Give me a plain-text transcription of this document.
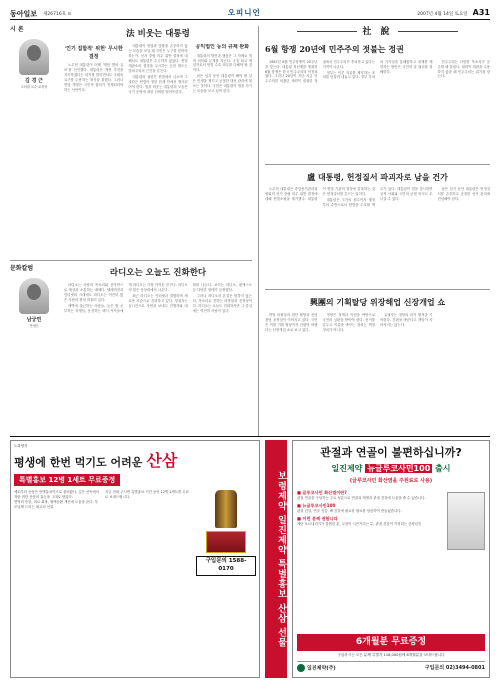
동아일보 제26716호 ⊙	오피니언	2007년 4월 14일 토요일 A31
시 론
김 경 근
고려대 교수·교육학
法 비웃는 대통령
'인기 집합적' 위헌' 무시한 결정

노무현 대통령이 어제 '개헌 발의 유보'를 선언했다. 대통령은 개헌 추진을 지속하겠다는 의지를 밝히면서도 국회의 요구를 수용하는 형식을 취했다. 그러나 헌법 개정은 국민적 합의가 전제되어야 하는 사안이다.

대통령이 헌법과 법률을 존중하지 않는 모습을 보일 때 국민은 누구를 믿어야 하는가. 선거 중립 의무 위반 결정에 대해서도 대통령은 수긍하지 않았다. 헌법재판소의 결정을 무시하는 듯한 태도는 법치주의의 근간을 흔든다.

대통령의 권한은 헌법에서 나오며 그 권한은 헌법이 정한 한계 안에서 행사되어야 한다. 법을 비웃는 대통령의 모습은 국가 운영에 대한 신뢰를 떨어뜨린다.

공익법인 등의 규제 완화

대통령의 발언과 행동은 그 자체로 법적 의미와 무게를 지닌다. 국정 최고 책임자로서 헌법 수호 의무를 다해야 할 것이다.

남은 임기 동안 대통령이 해야 할 일은 민생을 챙기고 공정한 대선 관리에 힘쓰는 것이다. 국민은 대통령이 법을 지키는 모습을 보고 싶어 한다.

문화칼럼
남궁연
연예인
라디오는 오늘도 진화한다

라디오는 사람의 목소리와 음악만으로 세상과 소통하는 매체다. 텔레비전과 인터넷의 시대에도 라디오는 여전히 많은 사람의 곁에 머물러 있다.

새벽에 출근하는 사람들, 늦은 밤 공부하는 학생들, 운전하는 택시 기사들에게 라디오는 가장 가까운 친구다. 라디오의 힘은 상상력에서 나온다.

최근 라디오는 인터넷과 결합하며 새로운 모습으로 진화하고 있다. 청취자는 실시간으로 사연을 보내고 진행자와 대화를 나눈다. 보이는 라디오, 팟캐스트 등 다양한 형태가 등장했다.

그러나 라디오의 본질은 변하지 않는다. 목소리로 전하는 따뜻함과 진정성이다. 라디오는 오늘도 진화하지만 그 중심에는 여전히 사람이 있다.

社 說
6월 항쟁 20년에 민주주의 젓불는 정권

1987년 6월 민주항쟁이 20주년을 맞는다. 대통령 직선제를 쟁취한 6월 항쟁은 한국 민주주의의 이정표였다. 그러나 20년이 지난 지금 민주주의를 외쳤던 세력이 집권한 정권에서 민주주의가 후퇴하고 있다는 지적이 나온다.

정부는 언론 자유를 제약하는 조치를 잇달아 내놓고 있다. 정부 부처의 기자실을 통폐합하고 취재를 제한하는 방안은 국민의 알 권리를 침해한다.

민주주의는 다양한 목소리가 공존할 때 꽃핀다. 권력이 비판을 수용하지 않을 때 민주주의는 위기를 맞는다.

盧 대통령, 헌정질서 파괴자로 남을 건가

노무현 대통령은 중앙선거관리위원회의 선거 중립 의무 위반 결정에 대해 헌법소원을 제기했다. 대통령이 헌법 기관의 결정에 불복하는 것은 헌정질서를 흔드는 일이다.

대통령은 국가의 원수이자 행정부의 수반으로서 헌법을 수호할 책무가 있다. 대통령이 법을 경시하면 공직 사회와 국민의 준법 의식도 무너질 수 있다.

남은 임기 동안 대통령은 헌정질서를 존중하고 공정한 선거 관리에 전념해야 한다.

興團의 기획탈당 위장해업 신장개업 쇼

여당 의원들의 집단 탈당과 신당 창당 움직임이 이어지고 있다. 국민은 이를 기획 탈당이자 간판만 바꿔 다는 신장개업 쇼로 보고 있다.

정당은 정책과 이념을 바탕으로 국민의 심판을 받아야 한다. 선거를 앞두고 이름만 바꾸는 정치는 책임 정치가 아니다.

유권자는 정당의 과거 행적을 기억한다. 간판을 바꾼다고 책임이 사라지지는 않는다.

노화방지
평생에 한번 먹기도 어려운 산삼
특별홍보 12병 1세트 무료증정

예로부터 산삼은 만병통치약으로 불려왔다. 깊은 산속에서 자란 귀한 산삼의 효능을 그대로 담았다.

면역력 증강, 피로 회복, 혈액순환 개선에 도움을 준다. 부모님께 드리는 최고의 선물.

지금 전화 주시면 특별홍보 기간 동안 12병 1세트를 무료로 보내드립니다.

구입문의 1588-0170	보령제약 일진제약 특별홍보 산삼 선물
관절과 연골이 불편하십니까?
일진제약 뉴글루코사민100 출시
(글루코사민 화산염을 주원료로 사용)
■ 글루코사민 화산염이란?

관절 연골을 구성하는 주요 성분으로 연골의 재생과 관절 건강에 도움을 줄 수 있습니다.

■ 뉴글루코사민100

관절 건강, 연골 건강, 뼈 건강에 필요한 원료를 엄선하여 만들었습니다.

■ 이런 분께 권합니다

계단 오르내리기가 불편한 분, 무릎이 시큰거리는 분, 관절 건강이 걱정되는 중장년층

6개월분 무료증정
구입하시는 모든 분께 특별가 118,000원에 6개월분을 보내드립니다
일진제약(주)	구입문의 02)3494-0801
